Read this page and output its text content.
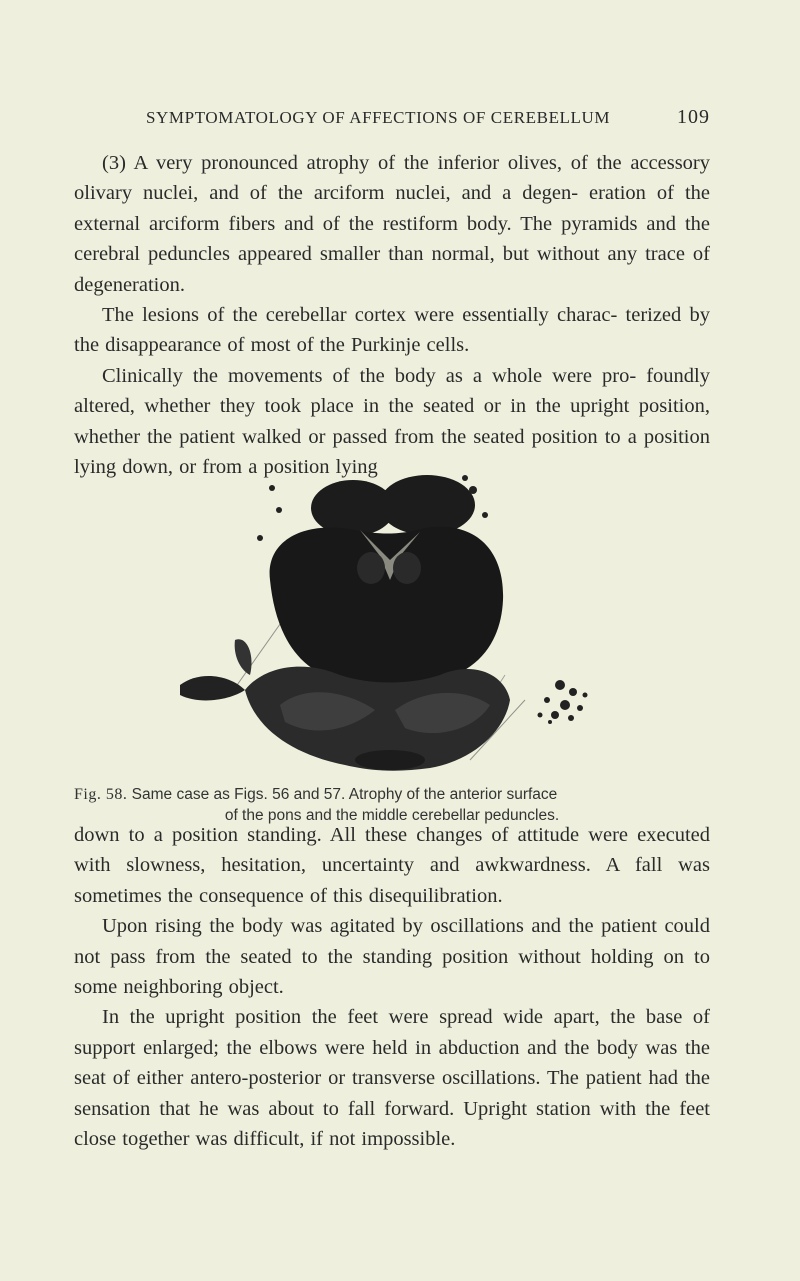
SYMPTOMATOLOGY OF AFFECTIONS OF CEREBELLUM	109

(3) A very pronounced atrophy of the inferior olives, of the accessory olivary nuclei, and of the arciform nuclei, and a degen- eration of the external arciform fibers and of the restiform body. The pyramids and the cerebral peduncles appeared smaller than normal, but without any trace of degeneration.

The lesions of the cerebellar cortex were essentially charac- terized by the disappearance of most of the Purkinje cells.

Clinically the movements of the body as a whole were pro- foundly altered, whether they took place in the seated or in the upright position, whether the patient walked or passed from the seated position to a position lying down, or from a position lying

Fig. 58. Same case as Figs. 56 and 57. Atrophy of the anterior surface
of the pons and the middle cerebellar peduncles.

down to a position standing. All these changes of attitude were executed with slowness, hesitation, uncertainty and awkwardness. A fall was sometimes the consequence of this disequilibration.

Upon rising the body was agitated by oscillations and the patient could not pass from the seated to the standing position without holding on to some neighboring object.

In the upright position the feet were spread wide apart, the base of support enlarged; the elbows were held in abduction and the body was the seat of either antero-posterior or transverse oscillations. The patient had the sensation that he was about to fall forward. Upright station with the feet close together was difficult, if not impossible.
